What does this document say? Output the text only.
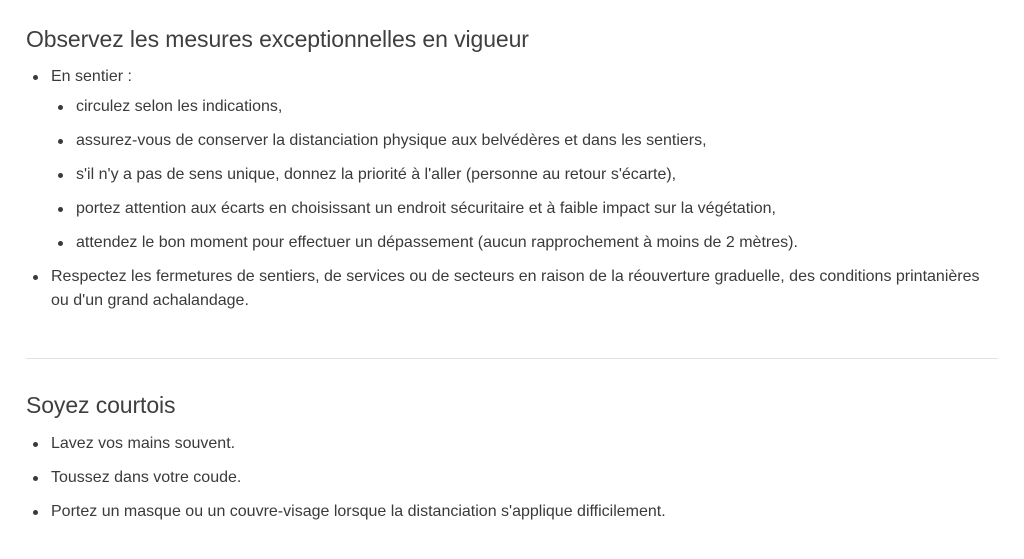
Observez les mesures exceptionnelles en vigueur
En sentier :
circulez selon les indications,
assurez-vous de conserver la distanciation physique aux belvédères et dans les sentiers,
s'il n'y a pas de sens unique, donnez la priorité à l'aller (personne au retour s'écarte),
portez attention aux écarts en choisissant un endroit sécuritaire et à faible impact sur la végétation,
attendez le bon moment pour effectuer un dépassement (aucun rapprochement à moins de 2 mètres).
Respectez les fermetures de sentiers, de services ou de secteurs en raison de la réouverture graduelle, des conditions printanières ou d'un grand achalandage.
Soyez courtois
Lavez vos mains souvent.
Toussez dans votre coude.
Portez un masque ou un couvre-visage lorsque la distanciation s'applique difficilement.
